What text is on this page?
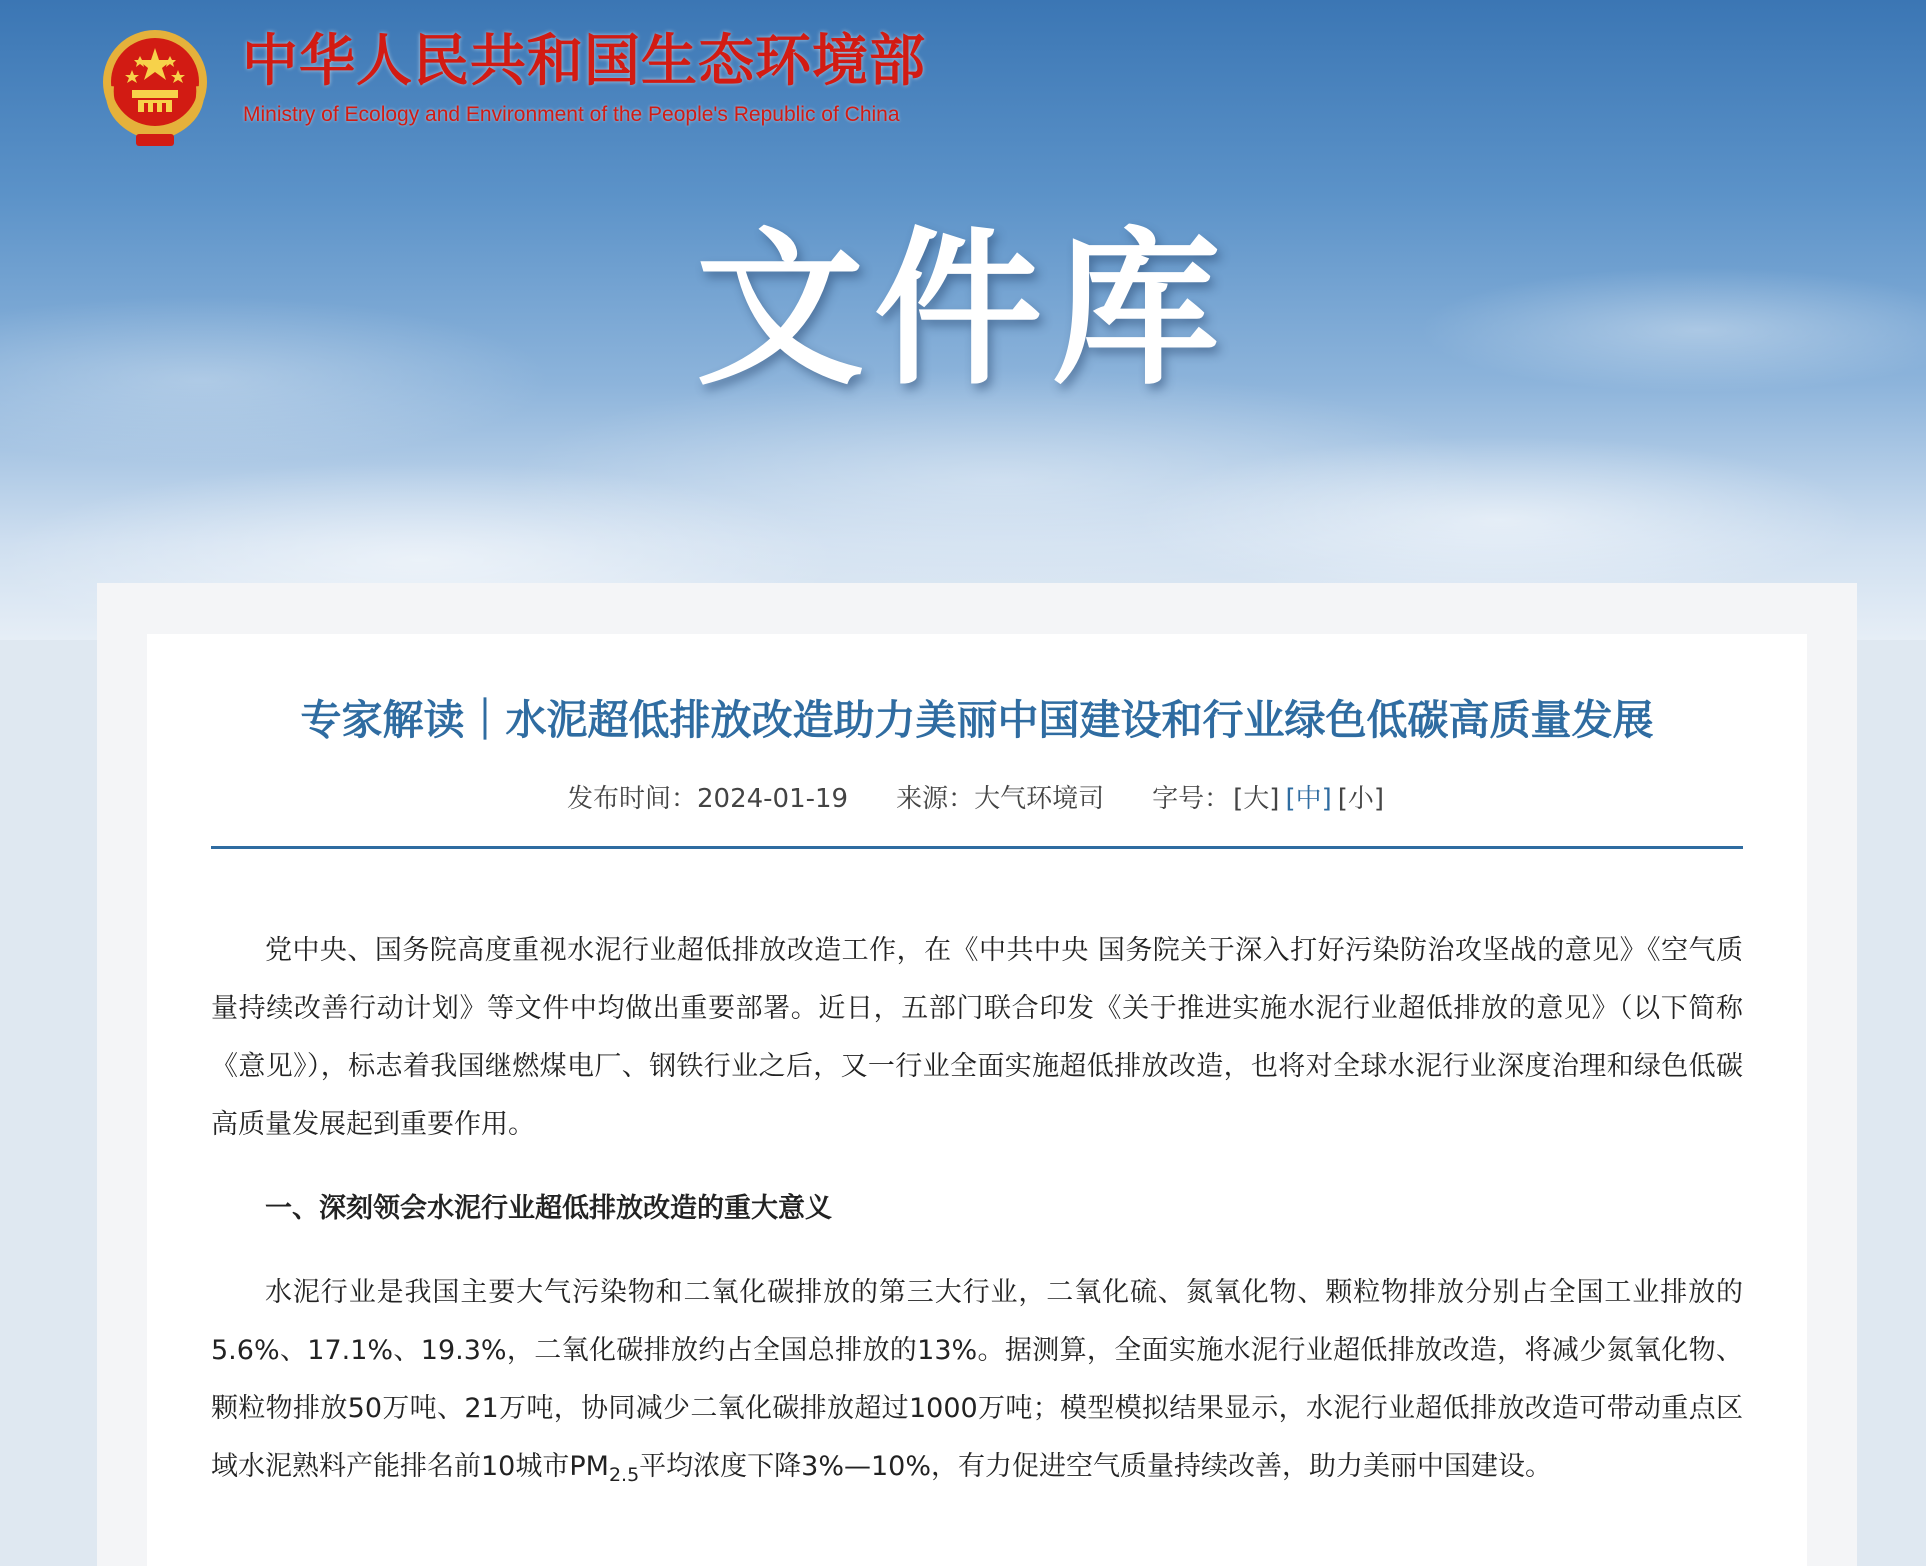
中华人民共和国生态环境部
Ministry of Ecology and Environment of the People's Republic of China
文件库
专家解读｜水泥超低排放改造助力美丽中国建设和行业绿色低碳高质量发展
发布时间：2024-01-19 来源：大气环境司 字号： [大] [中] [小]

党中央、国务院高度重视水泥行业超低排放改造工作，在《中共中央 国务院关于深入打好污染防治攻坚战的意见》《空气质量持续改善行动计划》等文件中均做出重要部署。近日，五部门联合印发《关于推进实施水泥行业超低排放的意见》（以下简称《意见》），标志着我国继燃煤电厂、钢铁行业之后，又一行业全面实施超低排放改造，也将对全球水泥行业深度治理和绿色低碳高质量发展起到重要作用。

一、深刻领会水泥行业超低排放改造的重大意义

水泥行业是我国主要大气污染物和二氧化碳排放的第三大行业，二氧化硫、氮氧化物、颗粒物排放分别占全国工业排放的5.6%、17.1%、19.3%，二氧化碳排放约占全国总排放的13%。据测算，全面实施水泥行业超低排放改造，将减少氮氧化物、颗粒物排放50万吨、21万吨，协同减少二氧化碳排放超过1000万吨；模型模拟结果显示，水泥行业超低排放改造可带动重点区域水泥熟料产能排名前10城市$PM_{2.5}$平均浓度下降3%—10%，有力促进空气质量持续改善，助力美丽中国建设。
